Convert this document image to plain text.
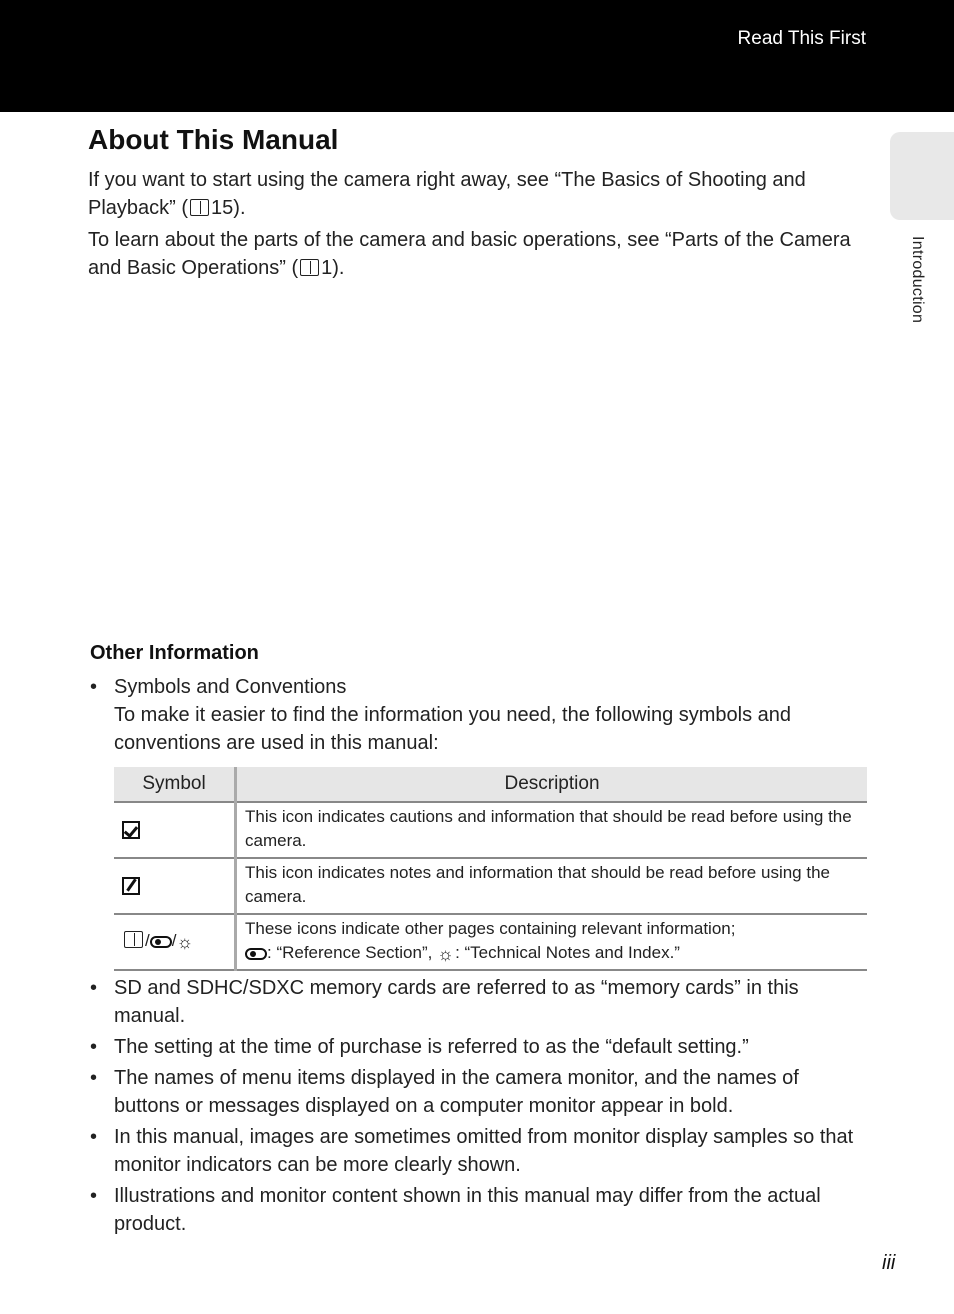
Read This First
Introduction
About This Manual

If you want to start using the camera right away, see “The Basics of Shooting and Playback” ( 15).

To learn about the parts of the camera and basic operations, see “Parts of the Camera and Basic Operations” ( 1).

Other Information
• Symbols and Conventions
To make it easier to find the information you need, the following symbols and conventions are used in this manual:
Symbol	Description
	This icon indicates cautions and information that should be read before using the camera.
	This icon indicates notes and information that should be read before using the camera.
/ /☼	These icons indicate other pages containing relevant information;
: “Reference Section”, ☼: “Technical Notes and Index.”
• SD and SDHC/SDXC memory cards are referred to as “memory cards” in this manual.
• The setting at the time of purchase is referred to as the “default setting.”
• The names of menu items displayed in the camera monitor, and the names of buttons or messages displayed on a computer monitor appear in bold.
• In this manual, images are sometimes omitted from monitor display samples so that monitor indicators can be more clearly shown.
• Illustrations and monitor content shown in this manual may differ from the actual product.
iii
